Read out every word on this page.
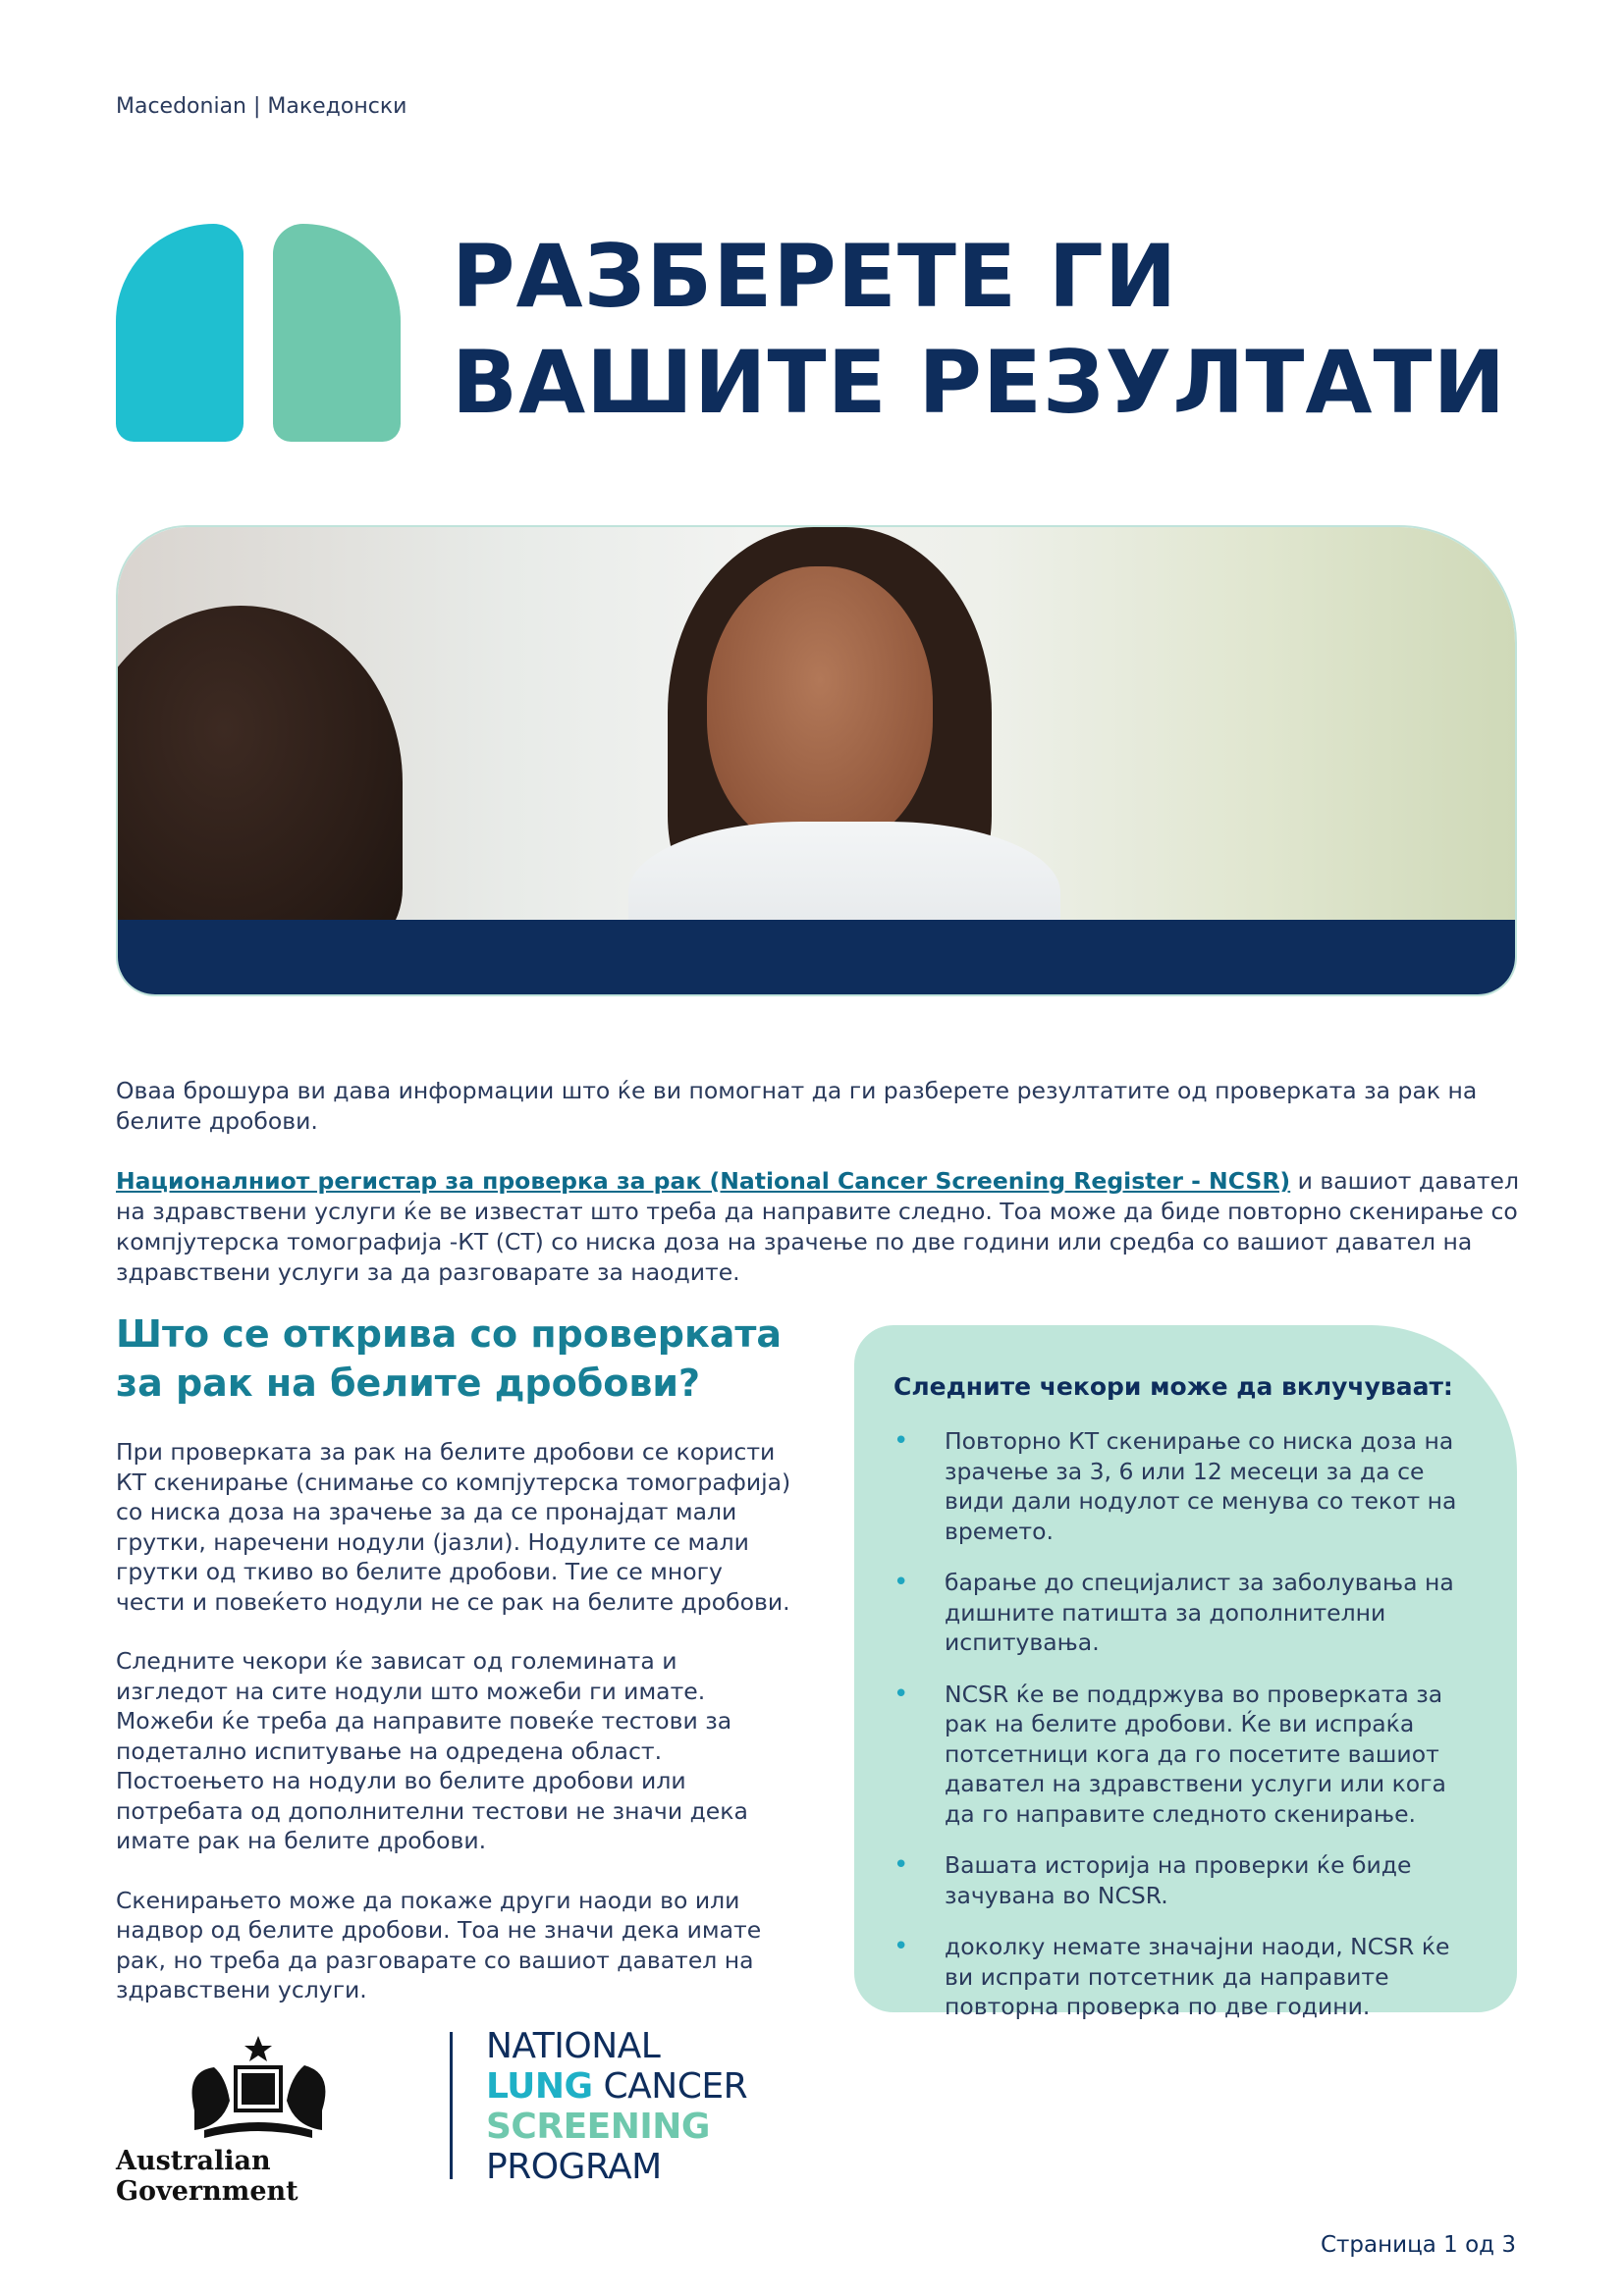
Macedonian | Македонски
РАЗБЕРЕТЕ ГИ
ВАШИТЕ РЕЗУЛТАТИ

Оваа брошура ви дава информации што ќе ви помогнат да ги разберете резултатите од проверката за рак на белите дробови.

Националниот регистар за проверка за рак (National Cancer Screening Register - NCSR) и вашиот давател на здравствени услуги ќе ве известат што треба да направите следно. Тоа може да биде повторно скенирање со компјутерска томографија -КТ (CT) со ниска доза на зрачење по две години или средба со вашиот давател на здравствени услуги за да разговарате за наодите.

Што се открива со проверката за рак на белите дробови?

При проверката за рак на белите дробови се користи КТ скенирање (снимање со компјутерска томографија) со ниска доза на зрачење за да се пронајдат мали грутки, наречени нодули (јазли). Нодулите се мали грутки од ткиво во белите дробови. Тие се многу чести и повеќето нодули не се рак на белите дробови.

Следните чекори ќе зависат од големината и изгледот на сите нодули што можеби ги имате. Можеби ќе треба да направите повеќе тестови за подетално испитување на одредена област. Постоењето на нодули во белите дробови или потребата од дополнителни тестови не значи дека имате рак на белите дробови.

Скенирањето може да покаже други наоди во или надвор од белите дробови. Тоа не значи дека имате рак, но треба да разговарате со вашиот давател на здравствени услуги.

Следните чекори може да вклучуваат:
• Повторно КТ скенирање со ниска доза на зрачење за 3, 6 или 12 месеци за да се види дали нодулот се менува со текот на времето.
• барање до специјалист за заболувања на дишните патишта за дополнителни испитувања.
• NCSR ќе ве поддржува во проверката за рак на белите дробови. Ќе ви испраќа потсетници кога да го посетите вашиот давател на здравствени услуги или кога да го направите следното скенирање.
• Вашата историја на проверки ќе биде зачувана во NCSR.
• доколку немате значајни наоди, NCSR ќе ви испрати потсетник да направите повторна проверка по две години.
Australian Government
NATIONAL
LUNG CANCER
SCREENING
PROGRAM
Страница 1 од 3
